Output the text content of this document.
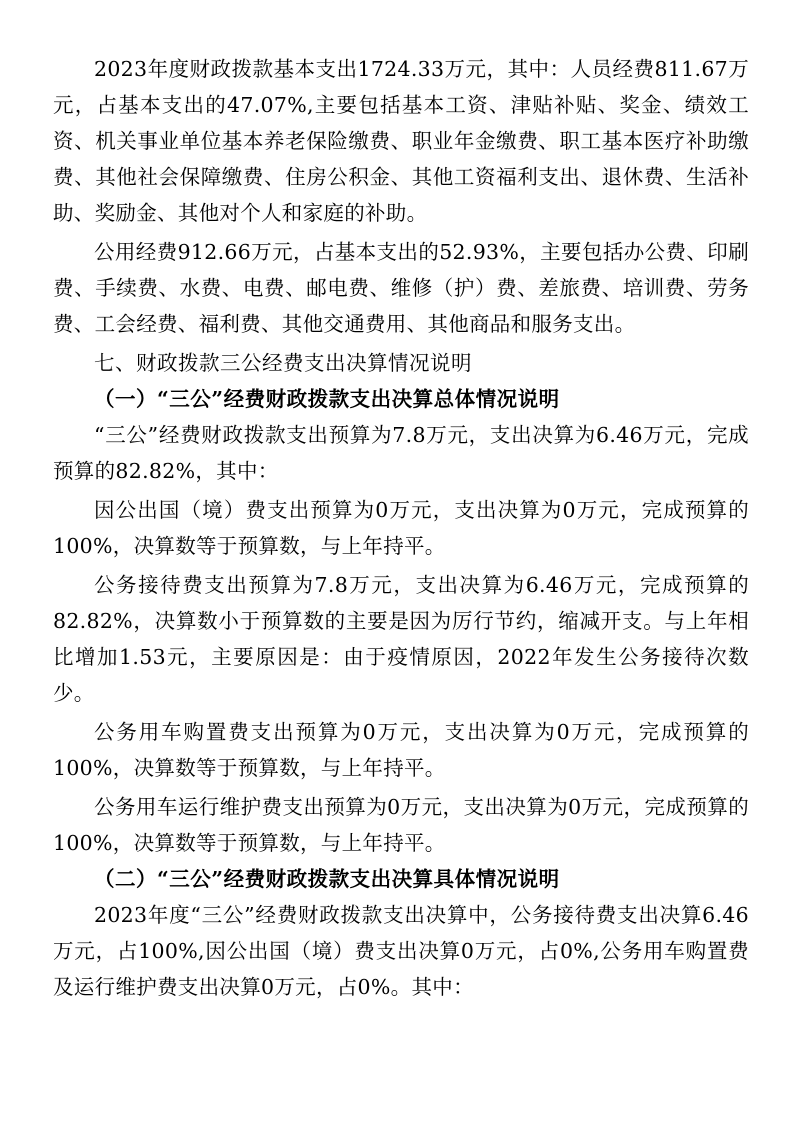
2023年度财政拨款基本支出1724.33万元，其中：人员经费811.67万元，占基本支出的47.07%,主要包括基本工资、津贴补贴、奖金、绩效工资、机关事业单位基本养老保险缴费、职业年金缴费、职工基本医疗补助缴费、其他社会保障缴费、住房公积金、其他工资福利支出、退休费、生活补助、奖励金、其他对个人和家庭的补助。

公用经费912.66万元，占基本支出的52.93%，主要包括办公费、印刷费、手续费、水费、电费、邮电费、维修（护）费、差旅费、培训费、劳务费、工会经费、福利费、其他交通费用、其他商品和服务支出。

七、财政拨款三公经费支出决算情况说明
（一）“三公”经费财政拨款支出决算总体情况说明

“三公”经费财政拨款支出预算为7.8万元，支出决算为6.46万元，完成预算的82.82%，其中：

因公出国（境）费支出预算为0万元，支出决算为0万元，完成预算的100%，决算数等于预算数，与上年持平。

公务接待费支出预算为7.8万元，支出决算为6.46万元，完成预算的82.82%，决算数小于预算数的主要是因为厉行节约，缩减开支。与上年相比增加1.53元，主要原因是：由于疫情原因，2022年发生公务接待次数少。

公务用车购置费支出预算为0万元，支出决算为0万元，完成预算的100%，决算数等于预算数，与上年持平。

公务用车运行维护费支出预算为0万元，支出决算为0万元，完成预算的100%，决算数等于预算数，与上年持平。

（二）“三公”经费财政拨款支出决算具体情况说明

2023年度“三公”经费财政拨款支出决算中，公务接待费支出决算6.46万元，占100%,因公出国（境）费支出决算0万元，占0%,公务用车购置费及运行维护费支出决算0万元，占0%。其中：
